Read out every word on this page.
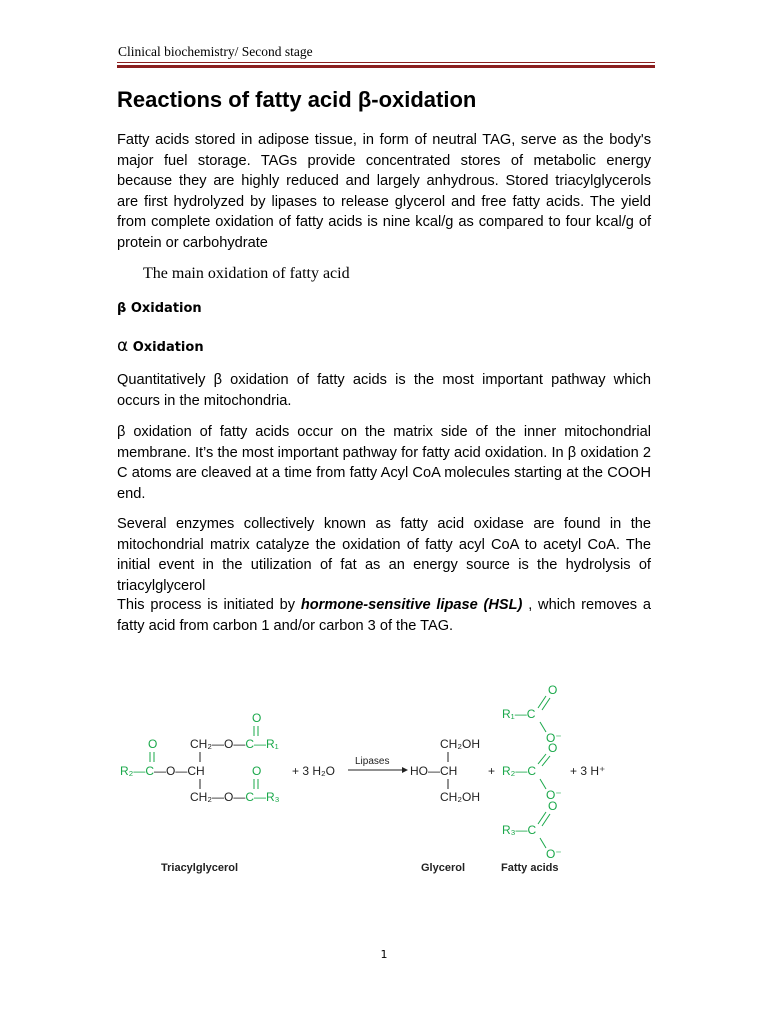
Clinical biochemistry/ Second stage
Reactions of fatty acid β-oxidation

Fatty acids stored in adipose tissue, in form of neutral TAG, serve as the body's major fuel storage. TAGs provide concentrated stores of metabolic energy because they are highly reduced and largely anhydrous. Stored triacylglycerols are first hydrolyzed by lipases to release glycerol and free fatty acids. The yield from complete oxidation of fatty acids is nine kcal/g as compared to four kcal/g of protein or carbohydrate

The main oxidation of fatty acid
β Oxidation
α Oxidation

Quantitatively β oxidation of fatty acids is the most important pathway which occurs in the mitochondria.

β oxidation of fatty acids occur on the matrix side of the inner mitochondrial membrane. It’s the most important pathway for fatty acid oxidation. In β oxidation 2 C atoms are cleaved at a time from fatty Acyl CoA molecules starting at the COOH end.

Several enzymes collectively known as fatty acid oxidase are found in the mitochondrial matrix catalyze the oxidation of fatty acyl CoA to acetyl CoA. The initial event in the utilization of fat as an energy source is the hydrolysis of triacylglycerol

This process is initiated by hormone-sensitive lipase (HSL) , which removes a fatty acid from carbon 1 and/or carbon 3 of the TAG.

O
CH₂—O—C—R₁
O
R₂—C—O—CH	O
CH₂—O—C—R₃
+ 3 H₂O
Lipases
CH₂OH
HO—CH
CH₂OH
+
O
R₁—C
O⁻
O
R₂—C
O⁻
O
R₃—C
O⁻
+ 3 H⁺
Triacylglycerol	Glycerol	Fatty acids
1
